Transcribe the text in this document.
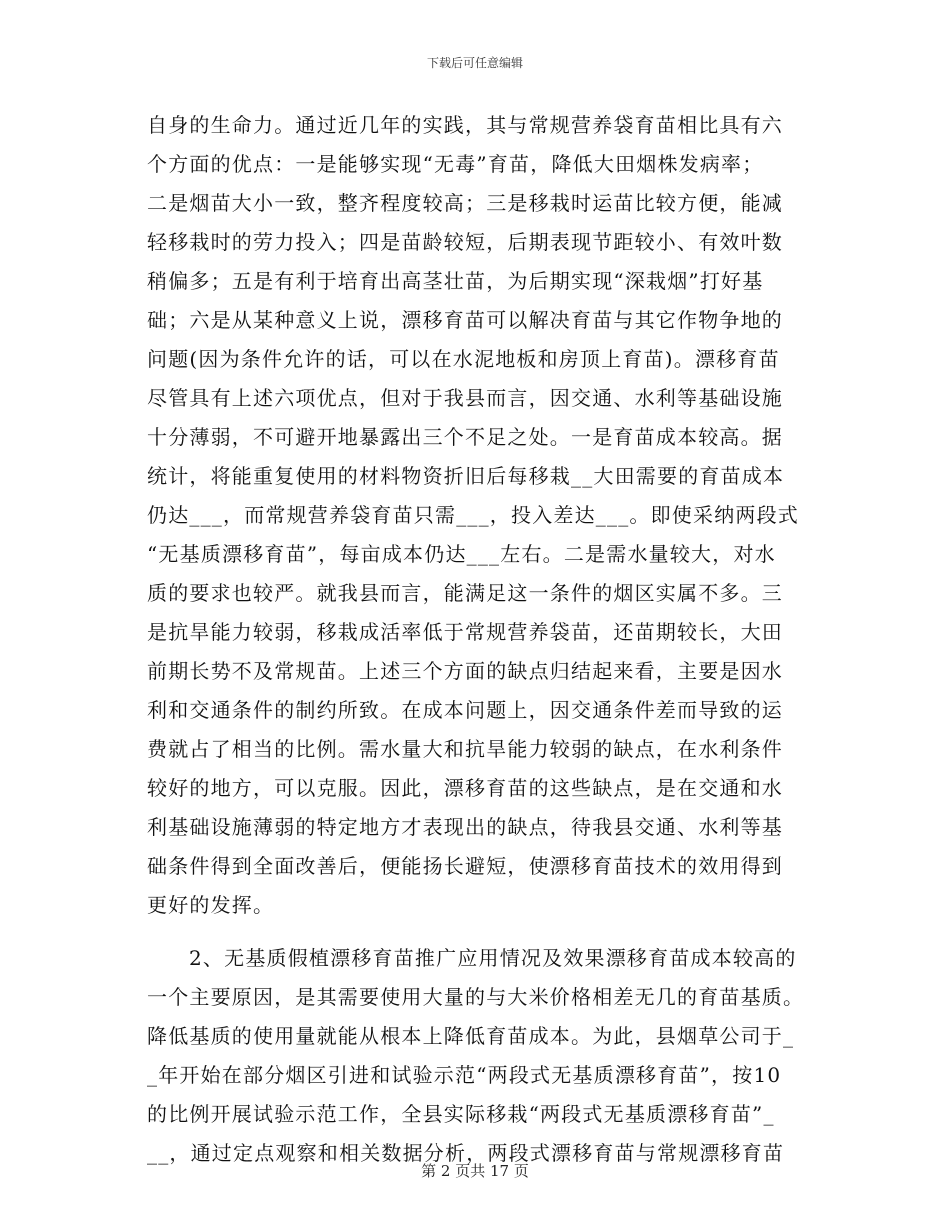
下载后可任意编辑
自身的生命力。通过近几年的实践，其与常规营养袋育苗相比具有六
个方面的优点：一是能够实现“无毒”育苗，降低大田烟株发病率；
二是烟苗大小一致，整齐程度较高；三是移栽时运苗比较方便，能减
轻移栽时的劳力投入；四是苗龄较短，后期表现节距较小、有效叶数
稍偏多；五是有利于培育出高茎壮苗，为后期实现“深栽烟”打好基
础；六是从某种意义上说，漂移育苗可以解决育苗与其它作物争地的
问题(因为条件允许的话，可以在水泥地板和房顶上育苗)。漂移育苗
尽管具有上述六项优点，但对于我县而言，因交通、水利等基础设施
十分薄弱，不可避开地暴露出三个不足之处。一是育苗成本较高。据
统计，将能重复使用的材料物资折旧后每移栽__大田需要的育苗成本
仍达___，而常规营养袋育苗只需___，投入差达___。即使采纳两段式
“无基质漂移育苗”，每亩成本仍达___左右。二是需水量较大，对水
质的要求也较严。就我县而言，能满足这一条件的烟区实属不多。三
是抗旱能力较弱，移栽成活率低于常规营养袋苗，还苗期较长，大田
前期长势不及常规苗。上述三个方面的缺点归结起来看，主要是因水
利和交通条件的制约所致。在成本问题上，因交通条件差而导致的运
费就占了相当的比例。需水量大和抗旱能力较弱的缺点，在水利条件
较好的地方，可以克服。因此，漂移育苗的这些缺点，是在交通和水
利基础设施薄弱的特定地方才表现出的缺点，待我县交通、水利等基
础条件得到全面改善后，便能扬长避短，使漂移育苗技术的效用得到
更好的发挥。
2、无基质假植漂移育苗推广应用情况及效果漂移育苗成本较高的
一个主要原因，是其需要使用大量的与大米价格相差无几的育苗基质。
降低基质的使用量就能从根本上降低育苗成本。为此，县烟草公司于_
_年开始在部分烟区引进和试验示范“两段式无基质漂移育苗”，按10
的比例开展试验示范工作，全县实际移栽“两段式无基质漂移育苗”_
__，通过定点观察和相关数据分析，两段式漂移育苗与常规漂移育苗
第 2 页共 17 页
